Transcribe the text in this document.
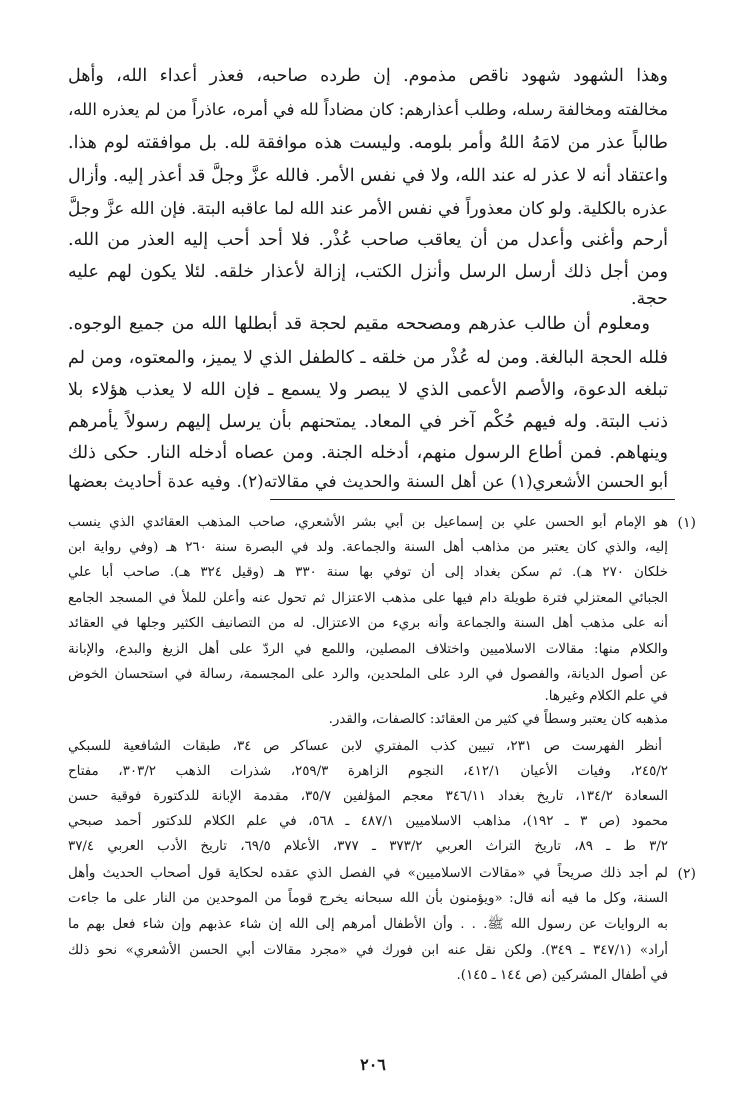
وهذا الشهود شهود ناقص مذموم. إن طرده صاحبه، فعذر أعداء الله، وأهل
مخالفته ومخالفة رسله، وطلب أعذارهم: كان مضاداً لله في أمره، عاذراً من لم يعذره الله،
طالباً عذر من لامَهُ اللهُ وأمر بلومه. وليست هذه موافقة لله. بل موافقته لوم هذا.
واعتقاد أنه لا عذر له عند الله، ولا في نفس الأمر. فالله عزَّ وجلَّ قد أعذر إليه. وأزال
عذره بالكلية. ولو كان معذوراً في نفس الأمر عند الله لما عاقبه البتة. فإن الله عزَّ وجلَّ
أرحم وأغنى وأعدل من أن يعاقب صاحب عُذْر. فلا أحد أحب إليه العذر من الله.
ومن أجل ذلك أرسل الرسل وأنزل الكتب، إزالة لأعذار خلقه. لئلا يكون لهم عليه
حجة.
ومعلوم أن طالب عذرهم ومصححه مقيم لحجة قد أبطلها الله من جميع الوجوه.
فلله الحجة البالغة. ومن له عُذْر من خلقه ـ كالطفل الذي لا يميز، والمعتوه، ومن لم
تبلغه الدعوة، والأصم الأعمى الذي لا يبصر ولا يسمع ـ فإن الله لا يعذب هؤلاء بلا
ذنب البتة. وله فيهم حُكْم آخر في المعاد. يمتحنهم بأن يرسل إليهم رسولاً يأمرهم
وينهاهم. فمن أطاع الرسول منهم، أدخله الجنة. ومن عصاه أدخله النار. حكى ذلك
أبو الحسن الأشعري(١) عن أهل السنة والحديث في مقالاته(٢). وفيه عدة أحاديث بعضها
(١)
هو الإمام أبو الحسن علي بن إسماعيل بن أبي بشر الأشعري، صاحب المذهب العقائدي الذي ينسب
إليه، والذي كان يعتبر من مذاهب أهل السنة والجماعة. ولد في البصرة سنة ٢٦٠ هـ (وفي رواية ابن
خلكان ٢٧٠ هـ). ثم سكن بغداد إلى أن توفي بها سنة ٣٣٠ هـ (وقيل ٣٢٤ هـ). صاحب أبا علي
الجبائي المعتزلي فترة طويلة دام فيها على مذهب الاعتزال ثم تحول عنه وأعلن للملأ في المسجد الجامع
أنه على مذهب أهل السنة والجماعة وأنه بريء من الاعتزال. له من التصانيف الكثير وجلها في العقائد
والكلام منها: مقالات الاسلاميين واختلاف المصلين، واللمع في الردّ على أهل الزيغ والبدع، والإبانة
عن أصول الديانة، والفصول في الرد على الملحدين، والرد على المجسمة، رسالة في استحسان الخوض
في علم الكلام وغيرها.
مذهبه كان يعتبر وسطاً في كثير من العقائد: كالصفات، والقدر.
أنظر الفهرست ص ٢٣١، تبيين كذب المفتري لابن عساكر ص ٣٤، طبقات الشافعية للسبكي
٢٤٥/٢، وفيات الأعيان ٤١٢/١، النجوم الزاهرة ٢٥٩/٣، شذرات الذهب ٣٠٣/٢، مفتاح
السعادة ١٣٤/٢، تاريخ بغداد ٣٤٦/١١ معجم المؤلفين ٣٥/٧، مقدمة الإبانة للدكتورة فوقية حسن
محمود (ص ٣ ـ ١٩٢)، مذاهب الاسلاميين ٤٨٧/١ ـ ٥٦٨، في علم الكلام للدكتور أحمد صبحي
٣/٢ ط ـ ٨٩، تاريخ التراث العربي ٣٧٣/٢ ـ ٣٧٧، الأعلام ٦٩/٥، تاريخ الأدب العربي ٣٧/٤
(٢)
لم أجد ذلك صريحاً في «مقالات الاسلاميين» في الفصل الذي عقده لحكاية قول أصحاب الحديث وأهل
السنة، وكل ما فيه أنه قال: «ويؤمنون بأن الله سبحانه يخرج قوماً من الموحدين من النار على ما جاءت
به الروايات عن رسول الله ﷺ. . . وأن الأطفال أمرهم إلى الله إن شاء عذبهم وإن شاء فعل بهم ما
أراد» (٣٤٧/١ ـ ٣٤٩). ولكن نقل عنه ابن فورك في «مجرد مقالات أبي الحسن الأشعري» نحو ذلك
في أطفال المشركين (ص ١٤٤ ـ ١٤٥).
٢٠٦
